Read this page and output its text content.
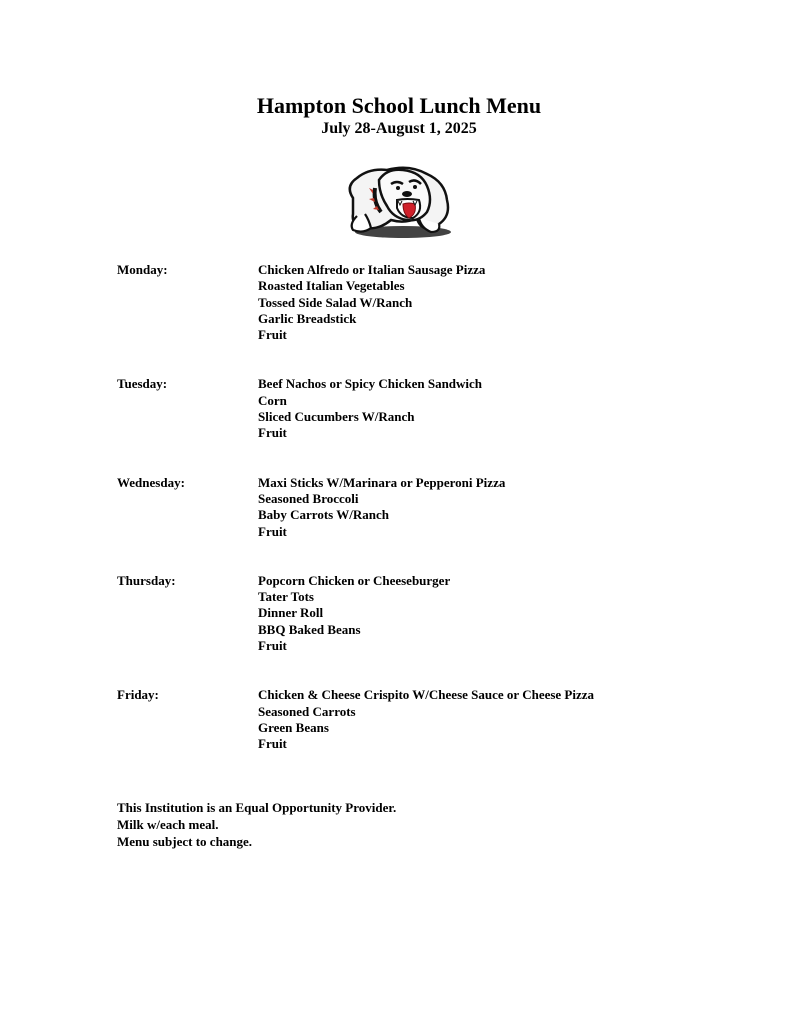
Hampton School Lunch Menu
July 28-August 1, 2025
Monday:	Chicken Alfredo or Italian Sausage Pizza
Roasted Italian Vegetables
Tossed Side Salad W/Ranch
Garlic Breadstick
Fruit
Tuesday:	Beef Nachos or Spicy Chicken Sandwich
Corn
Sliced Cucumbers W/Ranch
Fruit
Wednesday:	Maxi Sticks W/Marinara or Pepperoni Pizza
Seasoned Broccoli
Baby Carrots W/Ranch
Fruit
Thursday:	Popcorn Chicken or Cheeseburger
Tater Tots
Dinner Roll
BBQ Baked Beans
Fruit
Friday:	Chicken & Cheese Crispito W/Cheese Sauce or Cheese Pizza
Seasoned Carrots
Green Beans
Fruit
This Institution is an Equal Opportunity Provider.
Milk w/each meal.
Menu subject to change.
